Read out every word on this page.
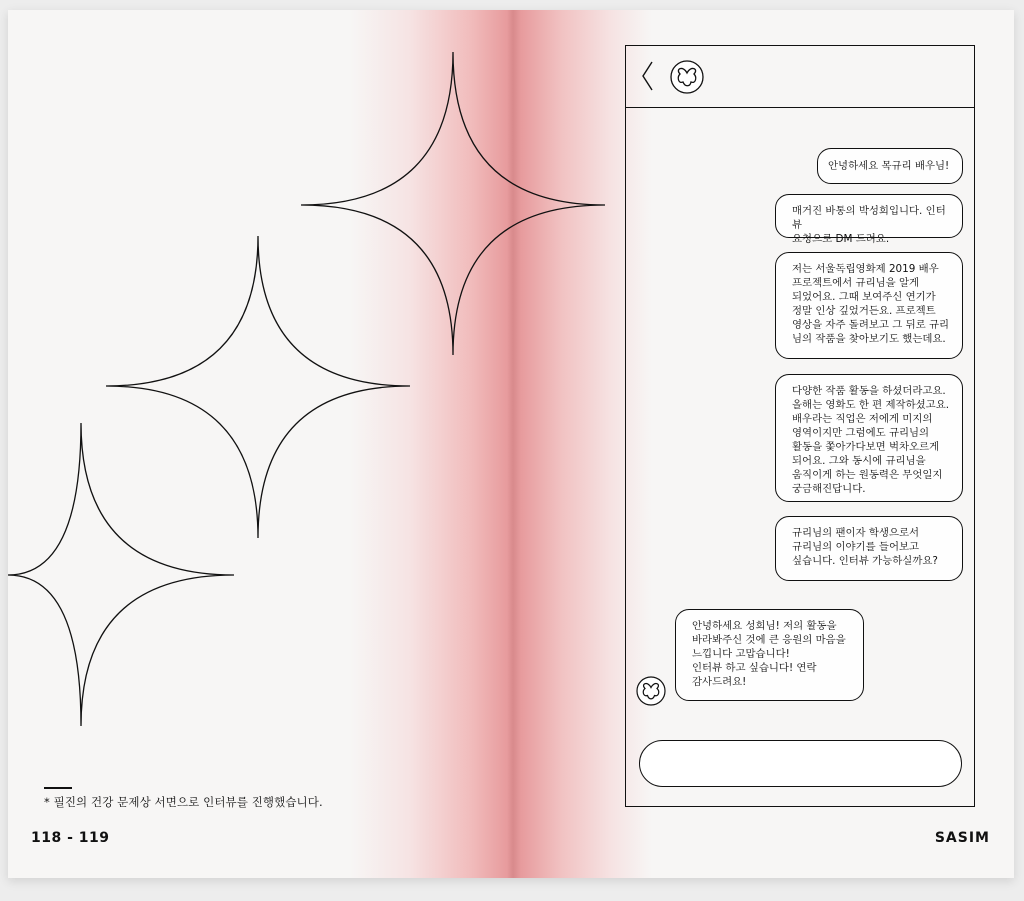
* 필진의 건강 문제상 서면으로 인터뷰를 진행했습니다.
118 - 119	SASIM
안녕하세요 목규리 배우님!
매거진 바통의 박성희입니다. 인터뷰
요청으로 DM 드려요.
저는 서울독립영화제 2019 배우
프로젝트에서 규리님을 알게
되었어요. 그때 보여주신 연기가
정말 인상 깊었거든요. 프로젝트
영상을 자주 돌려보고 그 뒤로 규리
님의 작품을 찾아보기도 했는데요.
다양한 작품 활동을 하셨더라고요.
올해는 영화도 한 편 제작하셨고요.
배우라는 직업은 저에게 미지의
영역이지만 그럼에도 규리님의
활동을 쫓아가다보면 벅차오르게
되어요. 그와 동시에 규리님을
움직이게 하는 원동력은 무엇일지
궁금해진답니다.
규리님의 팬이자 학생으로서
규리님의 이야기를 들어보고
싶습니다. 인터뷰 가능하실까요?
안녕하세요 성희님! 저의 활동을
바라봐주신 것에 큰 응원의 마음을
느낍니다 고맙습니다!
인터뷰 하고 싶습니다! 연락
감사드려요!
